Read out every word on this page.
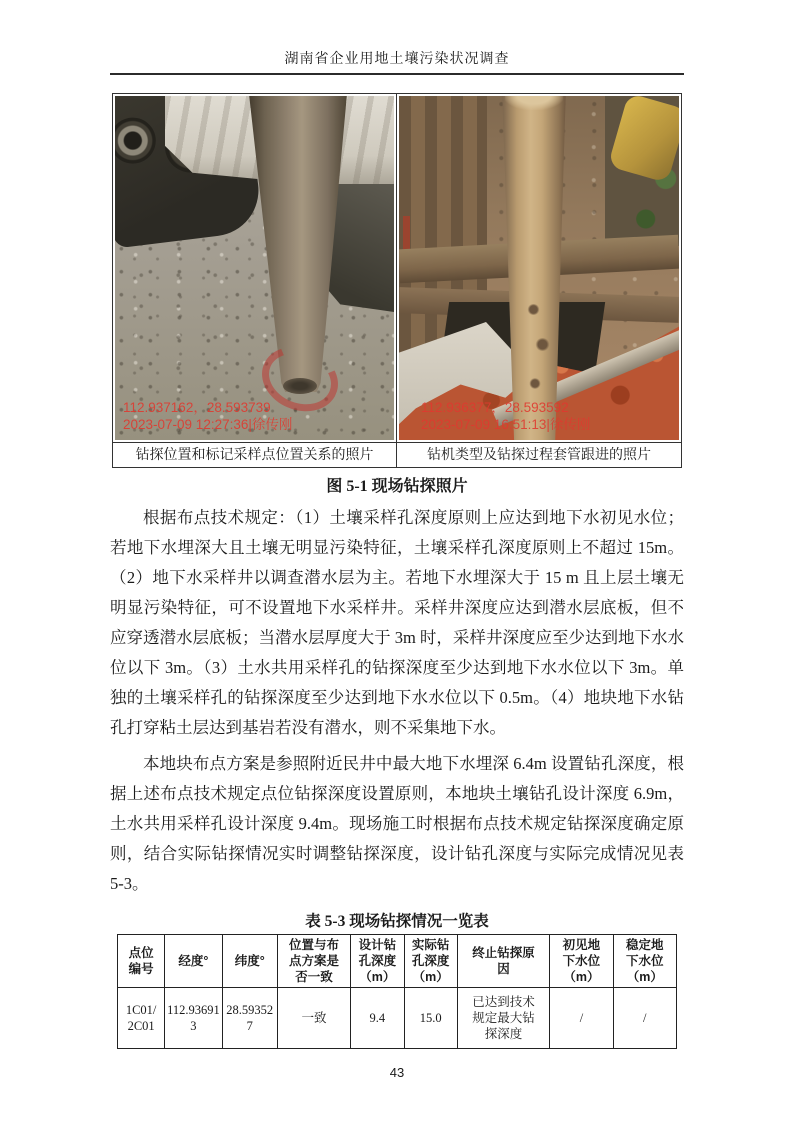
湖南省企业用地土壤污染状况调查
112.937162，28.593739
2023-07-09 12:27:36|徐传刚
112.936377，28.593592
2023-07-09 16:51:13|徐传刚
钻探位置和标记采样点位置关系的照片	钻机类型及钻探过程套管跟进的照片
图 5-1 现场钻探照片

根据布点技术规定：（1）土壤采样孔深度原则上应达到地下水初见水位；若地下水埋深大且土壤无明显污染特征，土壤采样孔深度原则上不超过 15m。（2）地下水采样井以调查潜水层为主。若地下水埋深大于 15 m 且上层土壤无明显污染特征，可不设置地下水采样井。采样井深度应达到潜水层底板，但不应穿透潜水层底板；当潜水层厚度大于 3m 时，采样井深度应至少达到地下水水位以下 3m。（3）土水共用采样孔的钻探深度至少达到地下水水位以下 3m。单独的土壤采样孔的钻探深度至少达到地下水水位以下 0.5m。（4）地块地下水钻孔打穿粘土层达到基岩若没有潜水，则不采集地下水。

本地块布点方案是参照附近民井中最大地下水埋深 6.4m 设置钻孔深度，根据上述布点技术规定点位钻探深度设置原则，本地块土壤钻孔设计深度 6.9m，土水共用采样孔设计深度 9.4m。现场施工时根据布点技术规定钻探深度确定原则，结合实际钻探情况实时调整钻探深度，设计钻孔深度与实际完成情况见表5-3。

表 5-3 现场钻探情况一览表
点位编号	经度°	纬度°	位置与布点方案是否一致	设计钻孔深度（m）	实际钻孔深度（m）	终止钻探原因	初见地下水位（m）	稳定地下水位（m）
1C01/2C01	112.936913	28.593527	一致	9.4	15.0	已达到技术规定最大钻探深度	/	/
43
